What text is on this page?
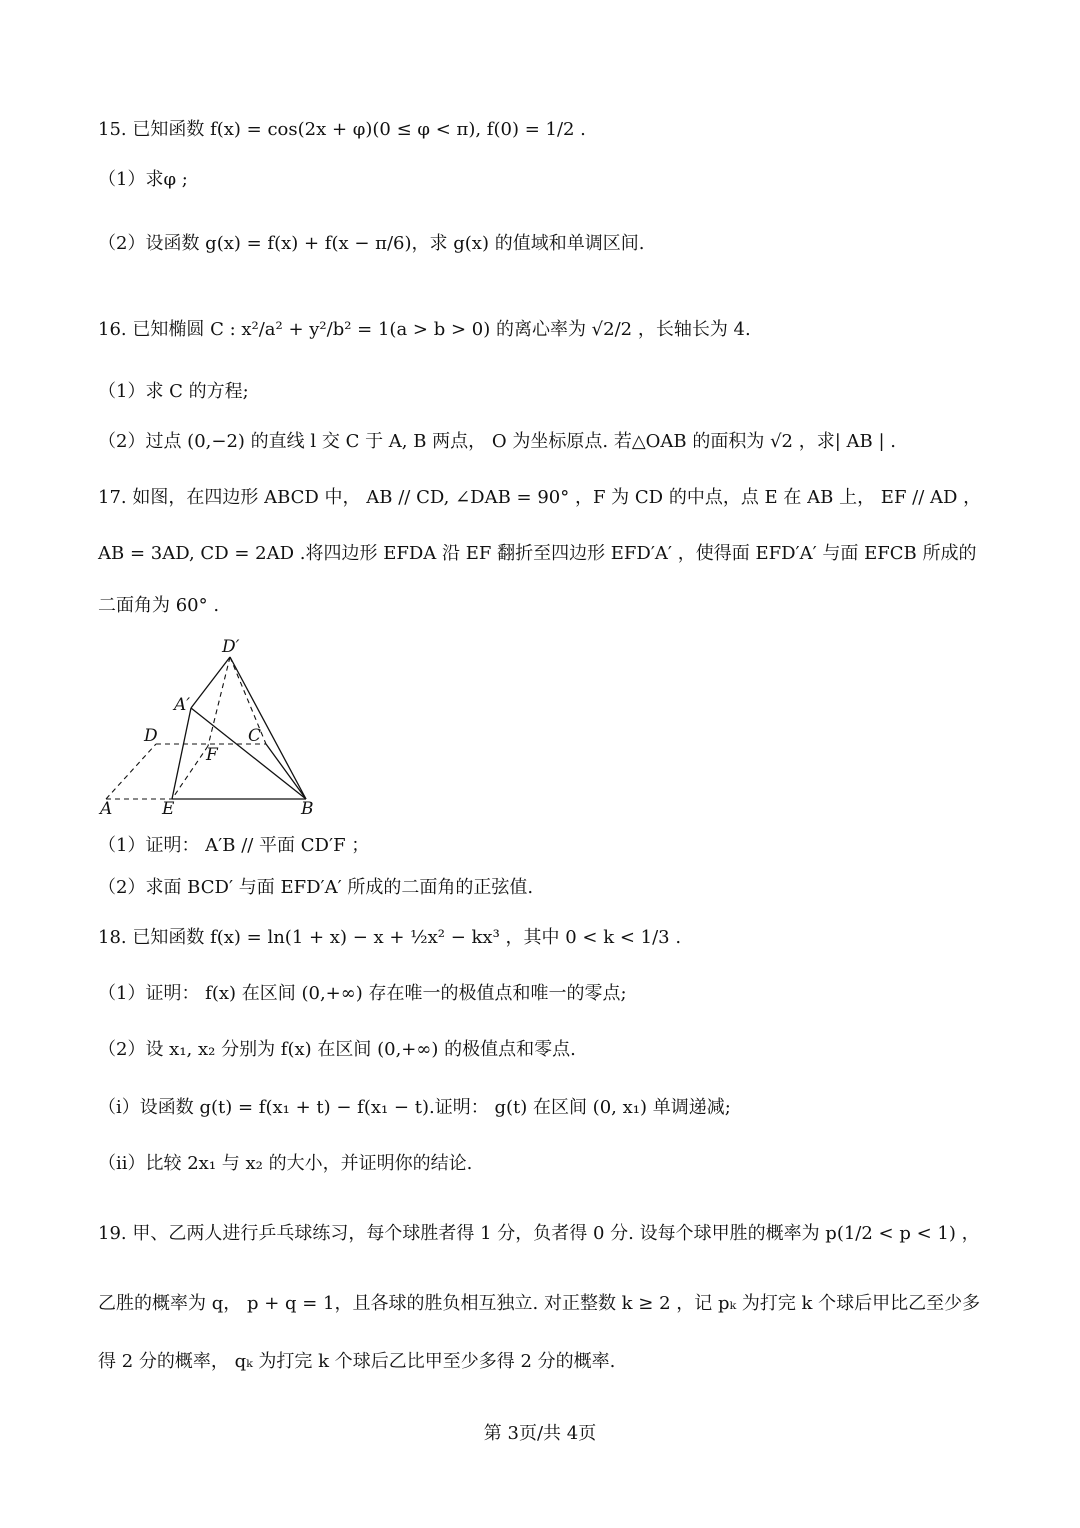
15. 已知函数 f(x) = cos(2x + φ)(0 ≤ φ < π), f(0) = 1/2 .
（1）求φ ;
（2）设函数 g(x) = f(x) + f(x − π/6)，求 g(x) 的值域和单调区间.
16. 已知椭圆 C : x²/a² + y²/b² = 1(a > b > 0) 的离心率为 √2/2 ，长轴长为 4.
（1）求 C 的方程;
（2）过点 (0,−2) 的直线 l 交 C 于 A, B 两点， O 为坐标原点. 若△OAB 的面积为 √2 ，求| AB | .
17. 如图，在四边形 ABCD 中， AB // CD, ∠DAB = 90° ，F 为 CD 的中点，点 E 在 AB 上， EF // AD ，
AB = 3AD, CD = 2AD .将四边形 EFDA 沿 EF 翻折至四边形 EFD′A′ ，使得面 EFD′A′ 与面 EFCB 所成的
二面角为 60° .
D′
A′
D	C
F
A	E	B
（1）证明： A′B // 平面 CD′F ；
（2）求面 BCD′ 与面 EFD′A′ 所成的二面角的正弦值.
18. 已知函数 f(x) = ln(1 + x) − x + ½x² − kx³ ，其中 0 < k < 1/3 .
（1）证明： f(x) 在区间 (0,+∞) 存在唯一的极值点和唯一的零点;
（2）设 x₁, x₂ 分别为 f(x) 在区间 (0,+∞) 的极值点和零点.
（i）设函数 g(t) = f(x₁ + t) − f(x₁ − t).证明： g(t) 在区间 (0, x₁) 单调递减;
（ii）比较 2x₁ 与 x₂ 的大小，并证明你的结论.
19. 甲、乙两人进行乒乓球练习，每个球胜者得 1 分，负者得 0 分. 设每个球甲胜的概率为 p(1/2 < p < 1) ，
乙胜的概率为 q， p + q = 1，且各球的胜负相互独立. 对正整数 k ≥ 2 ，记 pₖ 为打完 k 个球后甲比乙至少多
得 2 分的概率， qₖ 为打完 k 个球后乙比甲至少多得 2 分的概率.
第 3页/共 4页
